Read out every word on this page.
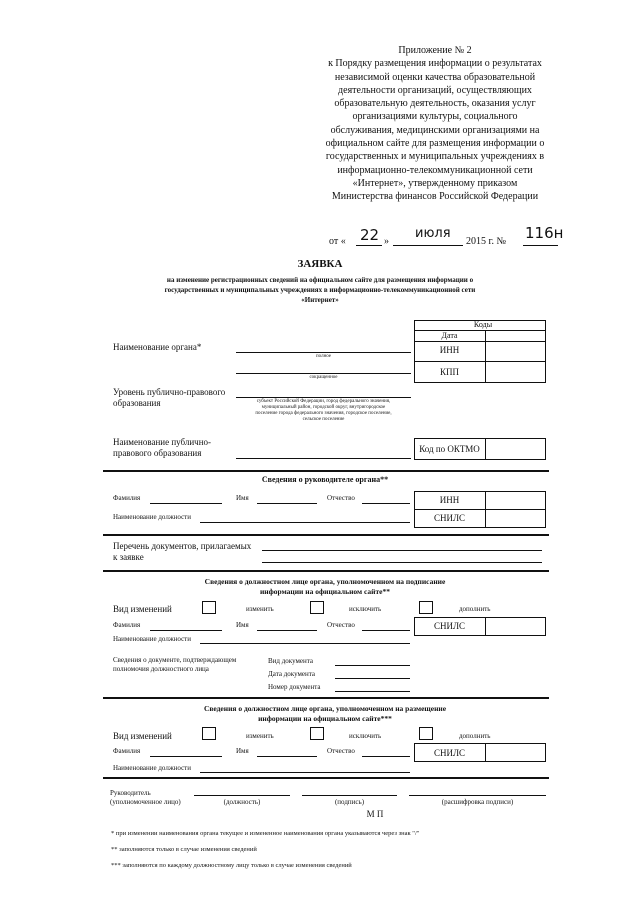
Приложение № 2
к Порядку размещения информации о результатах
независимой оценки качества образовательной
деятельности организаций, осуществляющих
образовательную деятельность, оказания услуг
организациями культуры, социального
обслуживания, медицинскими организациями на
официальном сайте для размещения информации о
государственных и муниципальных учреждениях в
информационно-телекоммуникационной сети
«Интернет», утвержденному приказом
Министерства финансов Российской Федерации
от « 22 »
июля
2015 г. № 116н
ЗАЯВКА
на изменение регистрационных сведений на официальном сайте для размещения информации о
государственных и муниципальных учреждениях в информационно-телекоммуникационной сети
«Интернет»
Коды
Дата
ИНН
КПП
Наименование органа*
полное
сокращенное
Уровень публично-правового
образования	субъект Российской Федерации, город федерального значения,
муниципальный район, городской округ, внутригородское
поселение города федерального значения, городское поселение,
сельское поселение
Наименование публично-
правового образования	Код по ОКТМО
Сведения о руководителе органа**
Фамилия	Имя	Отчество
Наименование должности
ИНН
СНИЛС
Перечень документов, прилагаемых
к заявке
Сведения о должностном лице органа, уполномоченном на подписание
информации на официальном сайте**
Вид изменений	изменить	исключить	дополнить
Фамилия	Имя	Отчество	СНИЛС
Наименование должности
Сведения о документе, подтверждающем
полномочия должностного лица
Вид документа
Дата документа
Номер документа
Сведения о должностном лице органа, уполномоченном на размещение
информации на официальном сайте***
Вид изменений	изменить	исключить	дополнить
Фамилия	Имя	Отчество	СНИЛС
Наименование должности
Руководитель
(уполномоченное лицо)	(должность)	(подпись)	(расшифровка подписи)
М П
* при изменении наименования органа текущее и измененное наименования органа указываются через знак "/"
** заполняются только в случае изменения сведений
*** заполняются по каждому должностному лицу только в случае изменения сведений
